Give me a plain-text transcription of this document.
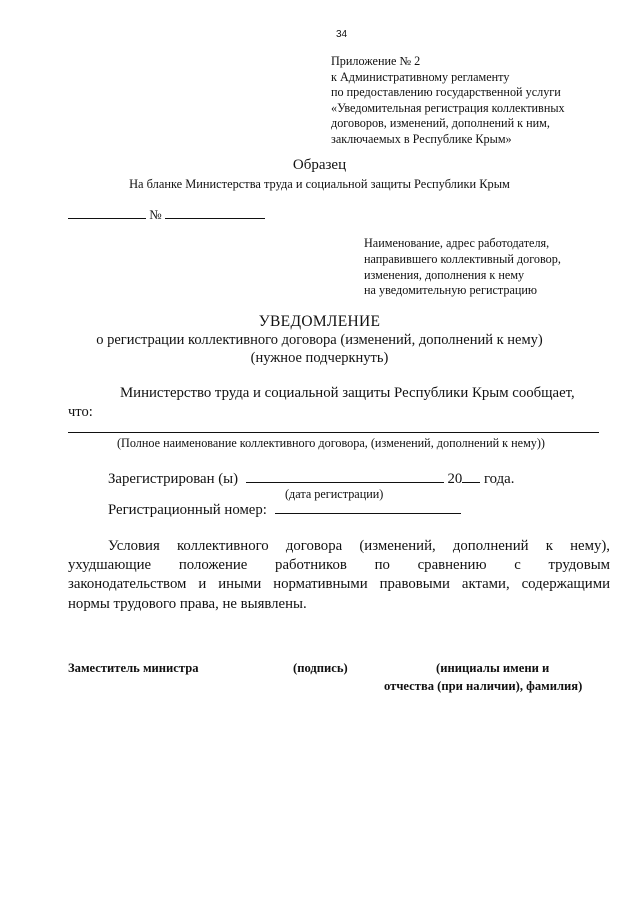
34
Приложение № 2
к Административному регламенту
по предоставлению государственной услуги
«Уведомительная регистрация коллективных
договоров, изменений, дополнений к ним,
заключаемых в Республике Крым»
Образец
На бланке Министерства труда и социальной защиты Республики Крым
№
Наименование, адрес работодателя,
направившего коллективный договор,
изменения, дополнения к нему
на уведомительную регистрацию
УВЕДОМЛЕНИЕ
о регистрации коллективного договора (изменений, дополнений к нему)
(нужное подчеркнуть)
Министерство труда и социальной защиты Республики Крым сообщает,
что:
(Полное наименование коллективного договора, (изменений, дополнений к нему))
Зарегистрирован (ы)	20 года.
(дата регистрации)
Регистрационный номер:
Условия коллективного договора (изменений, дополнений к нему),
ухудшающие положение работников по сравнению с трудовым
законодательством и иными нормативными правовыми актами, содержащими
нормы трудового права, не выявлены.
Заместитель министра	(подпись)	(инициалы имени и
отчества (при наличии), фамилия)
